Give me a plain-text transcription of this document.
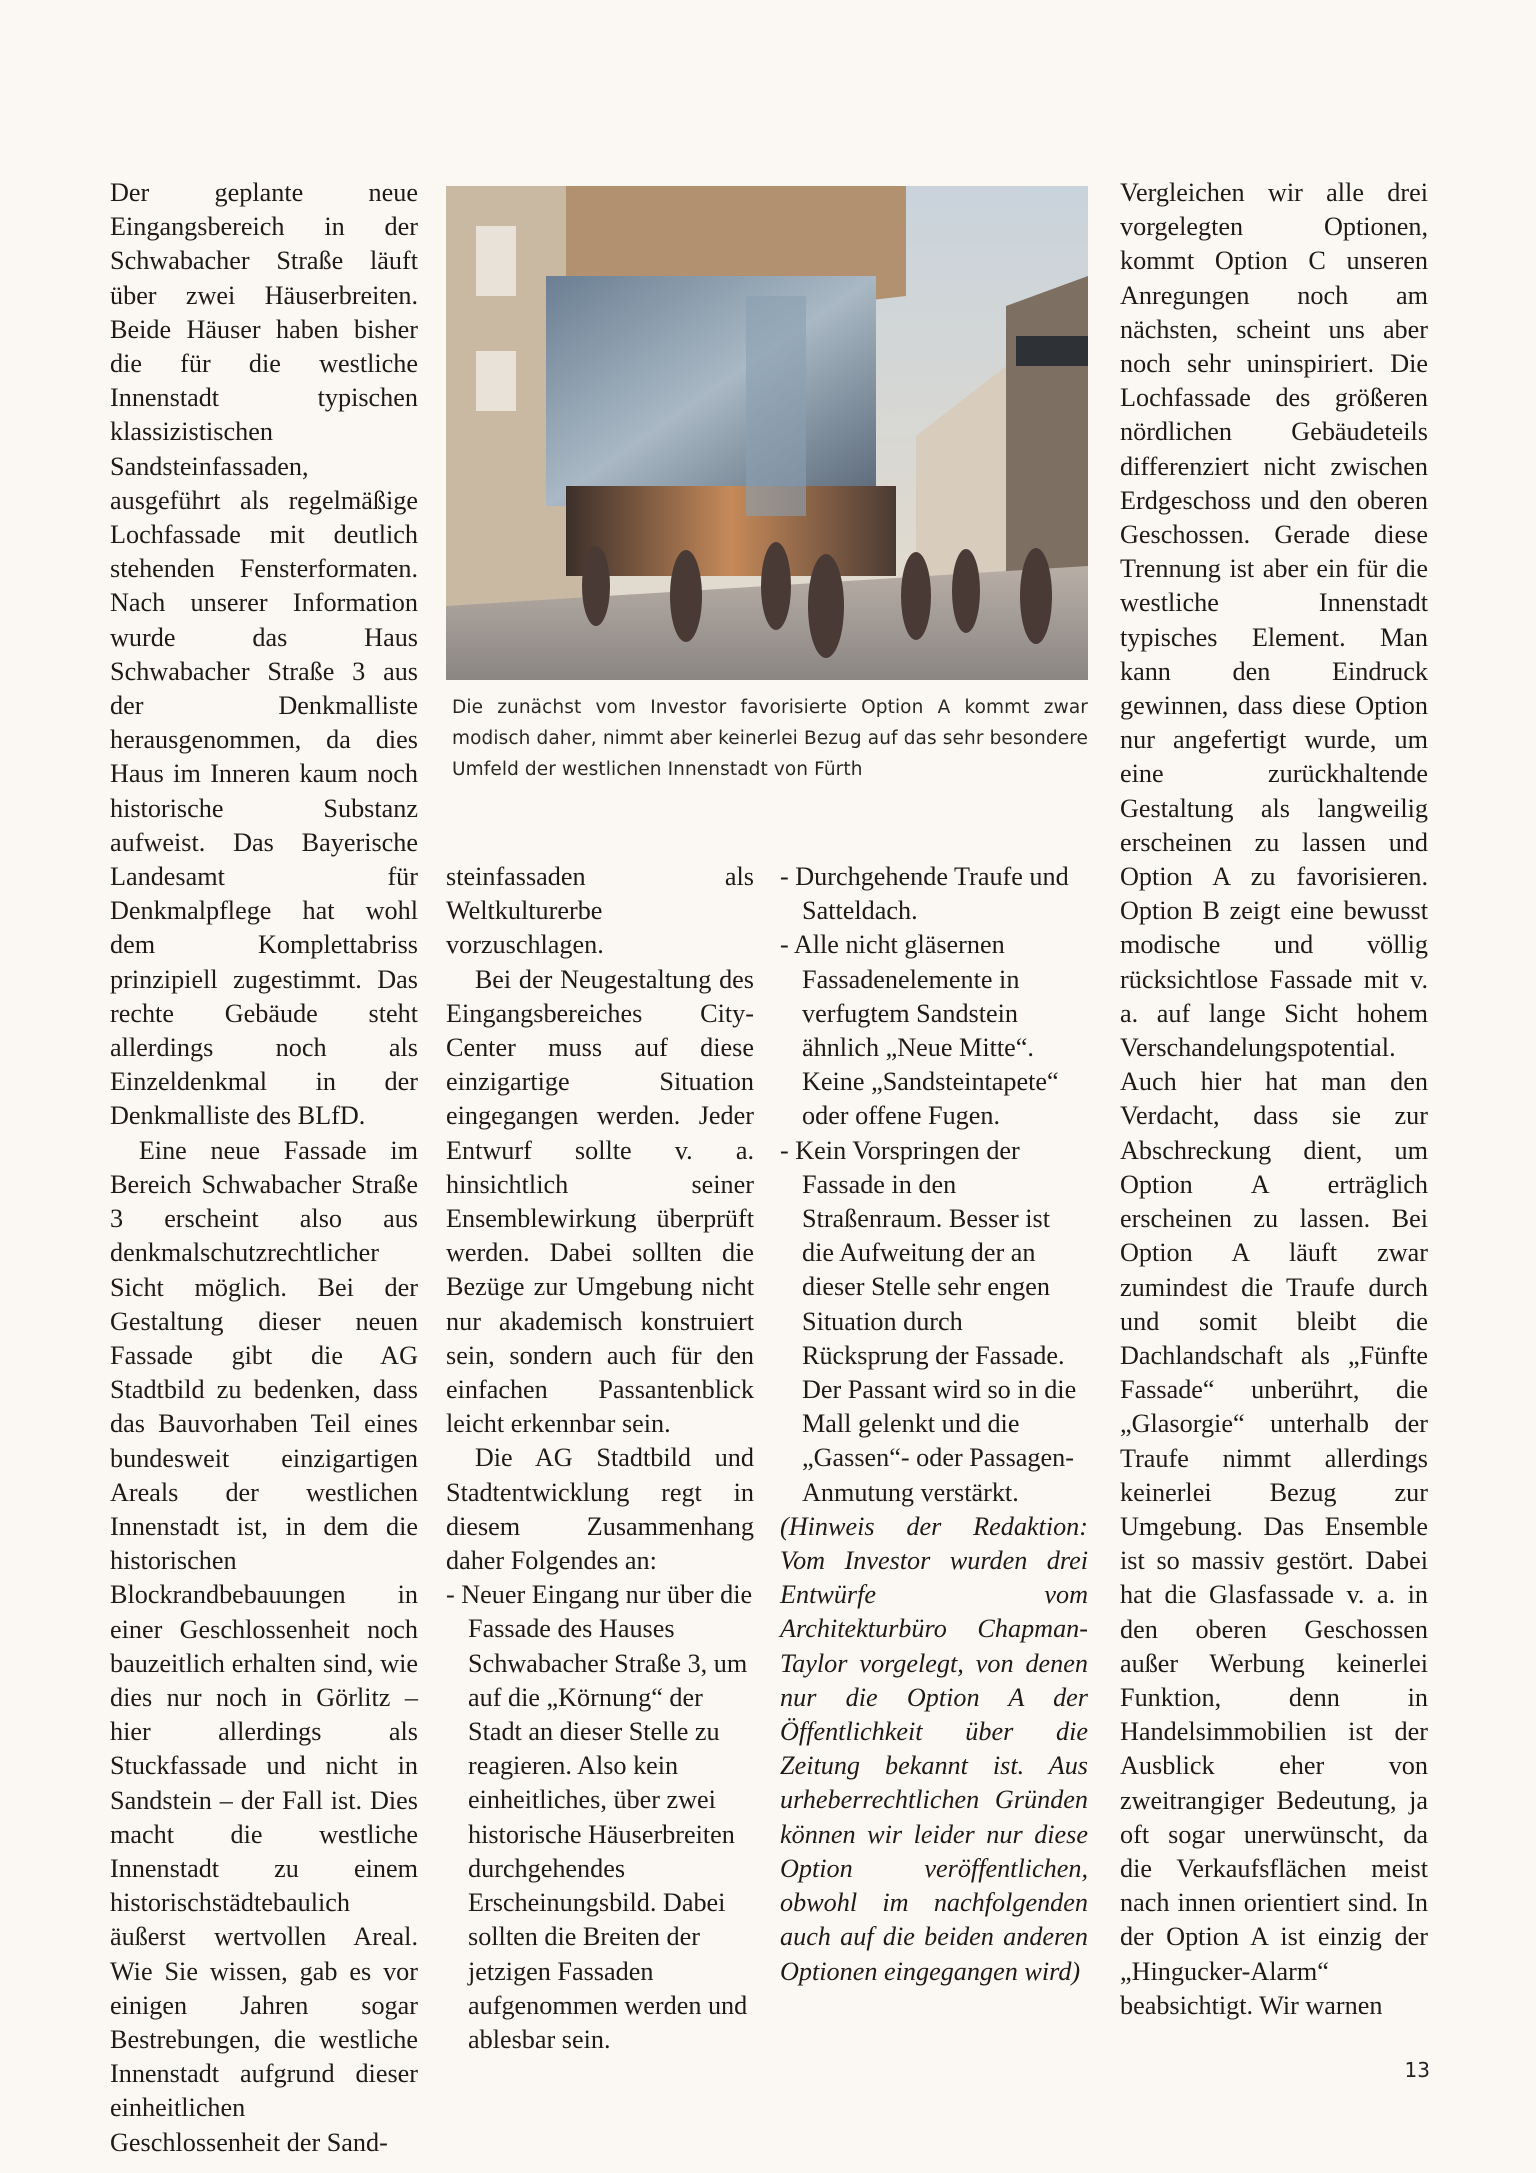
Der geplante neue Eingangsbereich in der Schwabacher Straße läuft über zwei Häuserbreiten. Beide Häuser haben bisher die für die westliche Innenstadt typischen klassizistischen Sandsteinfassaden, ausgeführt als regelmäßige Lochfassade mit deutlich stehenden Fensterformaten. Nach unserer Information wurde das Haus Schwabacher Straße 3 aus der Denkmalliste herausgenommen, da dies Haus im Inneren kaum noch historische Substanz aufweist. Das Bayerische Landesamt für Denkmalpflege hat wohl dem Komplettabriss prinzipiell zugestimmt. Das rechte Gebäude steht allerdings noch als Einzeldenkmal in der Denkmalliste des BLfD.

Eine neue Fassade im Bereich Schwabacher Straße 3 erscheint also aus denkmalschutzrechtlicher Sicht möglich. Bei der Gestaltung dieser neuen Fassade gibt die AG Stadtbild zu bedenken, dass das Bauvorhaben Teil eines bundesweit einzigartigen Areals der westlichen Innenstadt ist, in dem die historischen Blockrandbebauungen in einer Geschlossenheit noch bauzeitlich erhalten sind, wie dies nur noch in Görlitz – hier allerdings als Stuckfassade und nicht in Sandstein – der Fall ist. Dies macht die westliche Innenstadt zu einem historischstädtebaulich äußerst wertvollen Areal. Wie Sie wissen, gab es vor einigen Jahren sogar Bestrebungen, die westliche Innenstadt aufgrund dieser einheitlichen Geschlossenheit der Sand-

Die zunächst vom Investor favorisierte Option A kommt zwar modisch daher, nimmt aber keinerlei Bezug auf das sehr besondere Umfeld der westlichen Innenstadt von Fürth

steinfassaden als Weltkulturerbe vorzuschlagen.

Bei der Neugestaltung des Eingangsbereiches City-Center muss auf diese einzigartige Situation eingegangen werden. Jeder Entwurf sollte v. a. hinsichtlich seiner Ensemblewirkung überprüft werden. Dabei sollten die Bezüge zur Umgebung nicht nur akademisch konstruiert sein, sondern auch für den einfachen Passantenblick leicht erkennbar sein.

Die AG Stadtbild und Stadtentwicklung regt in diesem Zusammenhang daher Folgendes an:

- Neuer Eingang nur über die Fassade des Hauses Schwabacher Straße 3, um auf die „Körnung“ der Stadt an dieser Stelle zu reagieren. Also kein einheitliches, über zwei historische Häuserbreiten durchgehendes Erscheinungsbild. Dabei sollten die Breiten der jetzigen Fassaden aufgenommen werden und ablesbar sein.

- Durchgehende Traufe und Satteldach.

- Alle nicht gläsernen Fassadenelemente in verfugtem Sandstein ähnlich „Neue Mitte“. Keine „Sandsteintapete“ oder offene Fugen.

- Kein Vorspringen der Fassade in den Straßenraum. Besser ist die Aufweitung der an dieser Stelle sehr engen Situation durch Rücksprung der Fassade. Der Passant wird so in die Mall gelenkt und die „Gassen“- oder Passagen-Anmutung verstärkt.

(Hinweis der Redaktion: Vom Investor wurden drei Entwürfe vom Architekturbüro Chapman-Taylor vorgelegt, von denen nur die Option A der Öffentlichkeit über die Zeitung bekannt ist. Aus urheberrechtlichen Gründen können wir leider nur diese Option veröffentlichen, obwohl im nachfolgenden auch auf die beiden anderen Optionen eingegangen wird)

Vergleichen wir alle drei vorgelegten Optionen, kommt Option C unseren Anregungen noch am nächsten, scheint uns aber noch sehr uninspiriert. Die Lochfassade des größeren nördlichen Gebäudeteils differenziert nicht zwischen Erdgeschoss und den oberen Geschossen. Gerade diese Trennung ist aber ein für die westliche Innenstadt typisches Element. Man kann den Eindruck gewinnen, dass diese Option nur angefertigt wurde, um eine zurückhaltende Gestaltung als langweilig erscheinen zu lassen und Option A zu favorisieren. Option B zeigt eine bewusst modische und völlig rücksichtlose Fassade mit v. a. auf lange Sicht hohem Verschandelungspotential. Auch hier hat man den Verdacht, dass sie zur Abschreckung dient, um Option A erträglich erscheinen zu lassen. Bei Option A läuft zwar zumindest die Traufe durch und somit bleibt die Dachlandschaft als „Fünfte Fassade“ unberührt, die „Glasorgie“ unterhalb der Traufe nimmt allerdings keinerlei Bezug zur Umgebung. Das Ensemble ist so massiv gestört. Dabei hat die Glasfassade v. a. in den oberen Geschossen außer Werbung keinerlei Funktion, denn in Handelsimmobilien ist der Ausblick eher von zweitrangiger Bedeutung, ja oft sogar unerwünscht, da die Verkaufsflächen meist nach innen orientiert sind. In der Option A ist einzig der „Hingucker-Alarm“ beabsichtigt. Wir warnen

13
